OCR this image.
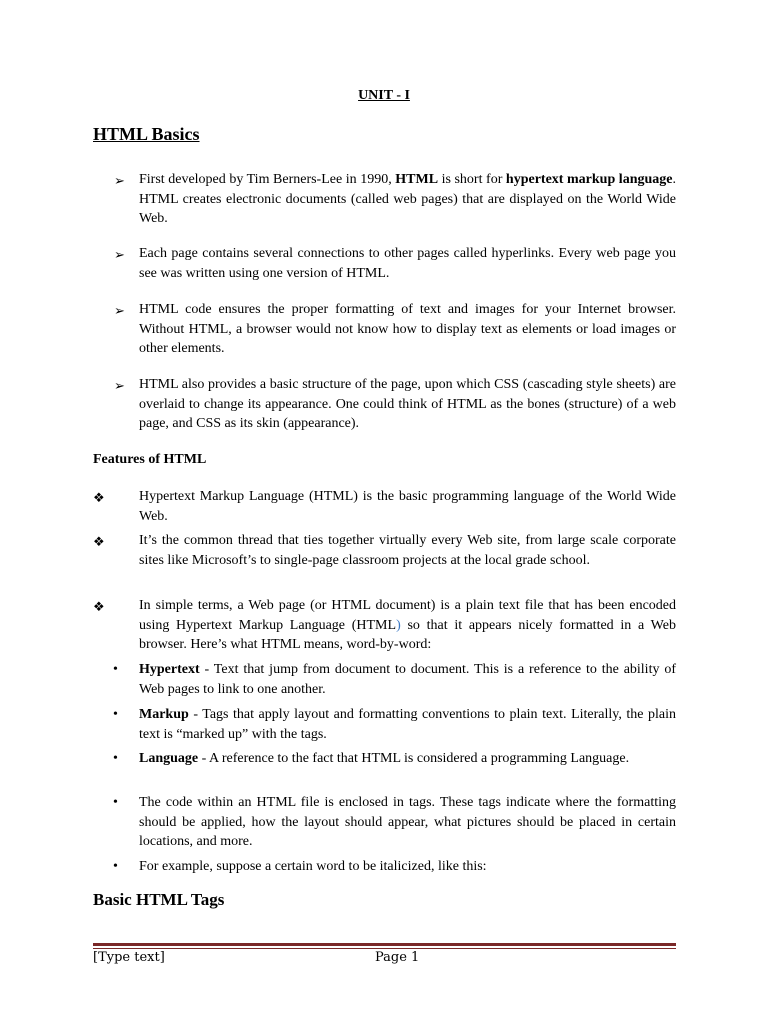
UNIT - I
HTML Basics
➢ First developed by Tim Berners-Lee in 1990, HTML is short for hypertext markup language. HTML creates electronic documents (called web pages) that are displayed on the World Wide Web.
➢ Each page contains several connections to other pages called hyperlinks. Every web page you see was written using one version of HTML.
➢ HTML code ensures the proper formatting of text and images for your Internet browser. Without HTML, a browser would not know how to display text as elements or load images or other elements.
➢ HTML also provides a basic structure of the page, upon which CSS (cascading style sheets) are overlaid to change its appearance. One could think of HTML as the bones (structure) of a web page, and CSS as its skin (appearance).
Features of HTML
❖ Hypertext Markup Language (HTML) is the basic programming language of the World Wide Web.
❖ It’s the common thread that ties together virtually every Web site, from large scale corporate sites like Microsoft’s to single-page classroom projects at the local grade school.
❖ In simple terms, a Web page (or HTML document) is a plain text file that has been encoded using Hypertext Markup Language (HTML) so that it appears nicely formatted in a Web browser. Here’s what HTML means, word-by-word:
• Hypertext - Text that jump from document to document. This is a reference to the ability of Web pages to link to one another.
• Markup - Tags that apply layout and formatting conventions to plain text. Literally, the plain text is “marked up” with the tags.
• Language - A reference to the fact that HTML is considered a programming Language.
• The code within an HTML file is enclosed in tags. These tags indicate where the formatting should be applied, how the layout should appear, what pictures should be placed in certain locations, and more.
• For example, suppose a certain word to be italicized, like this:
Basic HTML Tags
[Type text]	Page 1
